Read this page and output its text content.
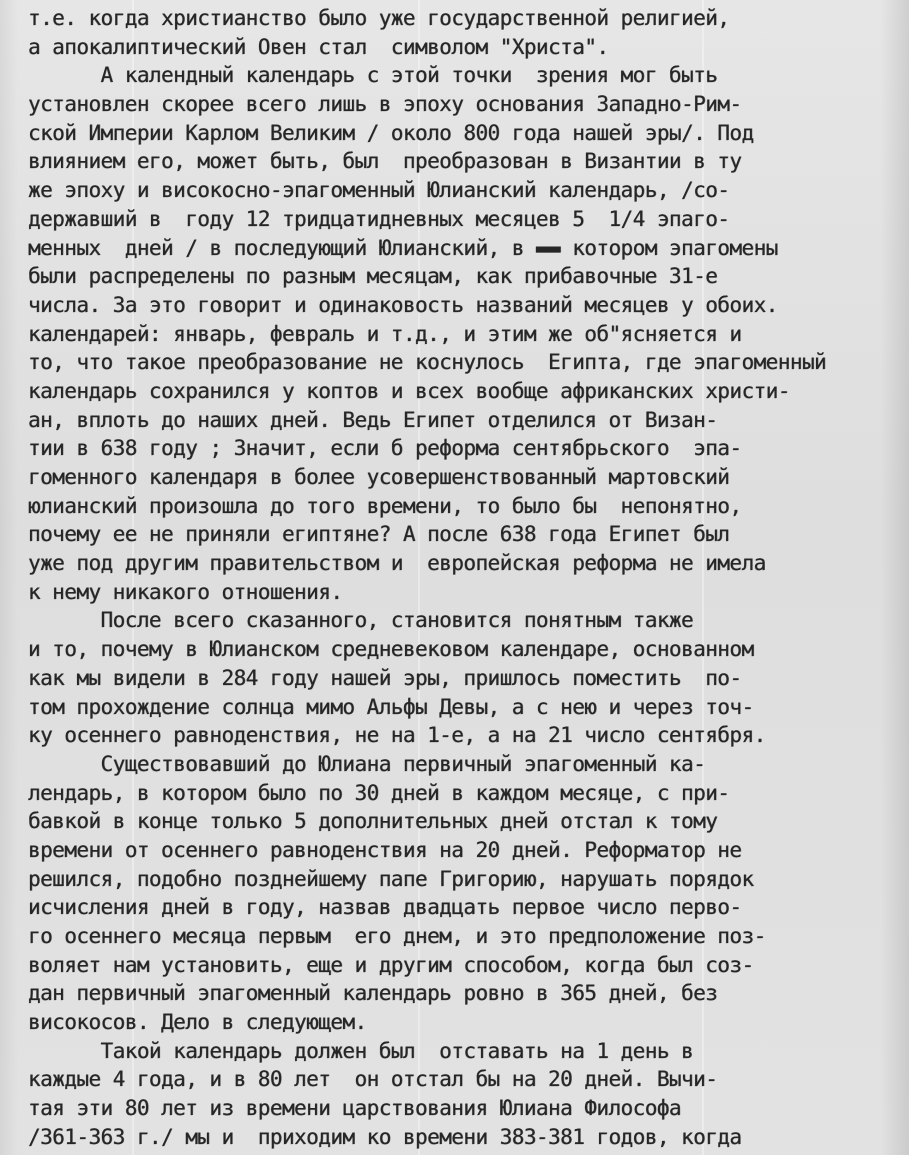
т.е. когда христианство было уже государственной религией,
а апокалиптический Овен стал  символом "Христа".
А календный календарь с этой точки  зрения мог быть
установлен скорее всего лишь в эпоху основания Западно-Рим-
ской Империи Карлом Великим / около 800 года нашей эры/. Под
влиянием его, может быть, был  преобразован в Византии в ту
же эпоху и високосно-эпагоменный Юлианский календарь, /со-
державший в  году 12 тридцатидневных месяцев 5  1/4 эпаго-
менных  дней / в последующий Юлианский, в ▬▬ котором эпагомены
были распределены по разным месяцам, как прибавочные 31-е
числа. За это говорит и одинаковость названий месяцев у обоих.
календарей: январь, февраль и т.д., и этим же об"ясняется и
то, что такое преобразование не коснулось  Египта, где эпагоменный
календарь сохранился у коптов и всех вообще африканских христи-
ан, вплоть до наших дней. Ведь Египет отделился от Визан-
тии в 638 году ; Значит, если б реформа сентябрьского  эпа-
гоменного календаря в более усовершенствованный мартовский
юлианский произошла до того времени, то было бы  непонятно,
почему ее не приняли египтяне? А после 638 года Египет был
уже под другим правительством и  европейская реформа не имела
к нему никакого отношения.
После всего сказанного, становится понятным также
и то, почему в Юлианском средневековом календаре, основанном
как мы видели в 284 году нашей эры, пришлось поместить  по-
том прохождение солнца мимо Альфы Девы, а с нею и через точ-
ку осеннего равноденствия, не на 1-е, а на 21 число сентября.
Существовавший до Юлиана первичный эпагоменный ка-
лендарь, в котором было по 30 дней в каждом месяце, с при-
бавкой в конце только 5 дополнительных дней отстал к тому
времени от осеннего равноденствия на 20 дней. Реформатор не
решился, подобно позднейшему папе Григорию, нарушать порядок
исчисления дней в году, назвав двадцать первое число перво-
го осеннего месяца первым  его днем, и это предположение поз-
воляет нам установить, еще и другим способом, когда был соз-
дан первичный эпагоменный календарь ровно в 365 дней, без
високосов. Дело в следующем.
Такой календарь должен был  отставать на 1 день в
каждые 4 года, и в 80 лет  он отстал бы на 20 дней. Вычи-
тая эти 80 лет из времени царствования Юлиана Философа
/361-363 г./ мы и  приходим ко времени 383-381 годов, когда
